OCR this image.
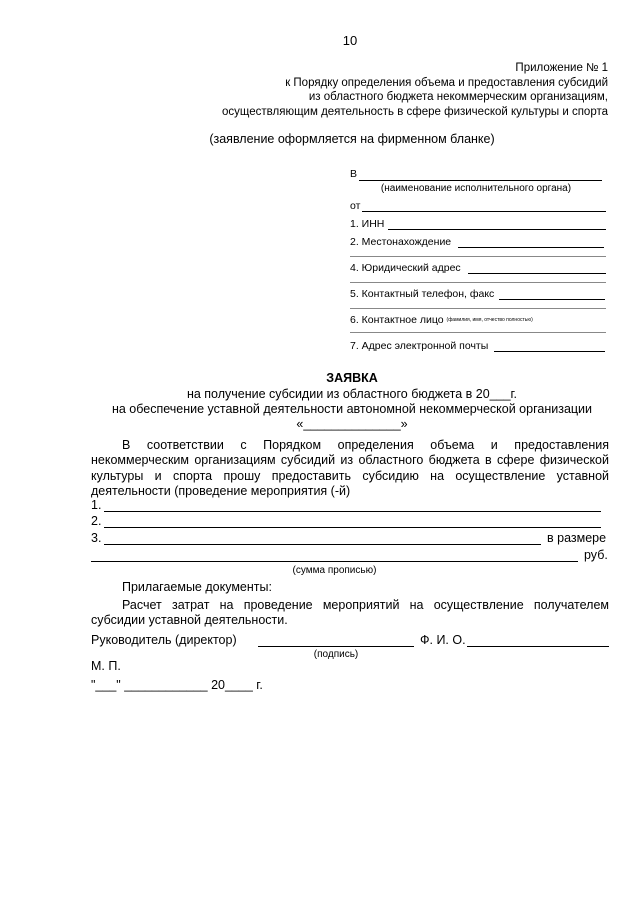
10
Приложение № 1
к Порядку определения объема и предоставления субсидий
из областного бюджета некоммерческим организациям,
осуществляющим деятельность в сфере физической культуры и спорта
(заявление оформляется на фирменном бланке)
В
(наименование исполнительного органа)
от
1. ИНН
2. Местонахождение
4. Юридический адрес
5. Контактный телефон, факс
6. Контактное лицо (фамилия, имя, отчество полностью)
7. Адрес электронной почты
ЗАЯВКА
на получение субсидии из областного бюджета в 20___г.
на обеспечение уставной деятельности автономной некоммерческой организации
«______________»
В соответствии с Порядком определения объема и предоставления некоммерческим организациям субсидий из областного бюджета в сфере физической культуры и спорта прошу предоставить субсидию на осуществление уставной деятельности (проведение мероприятия (-й)
1.
2.
3.	в размере
руб.
(сумма прописью)
Прилагаемые документы:
Расчет затрат на проведение мероприятий на осуществление получателем субсидии уставной деятельности.
Руководитель (директор)
(подпись)
Ф. И. О.
М. П.
"___" ____________ 20____ г.
